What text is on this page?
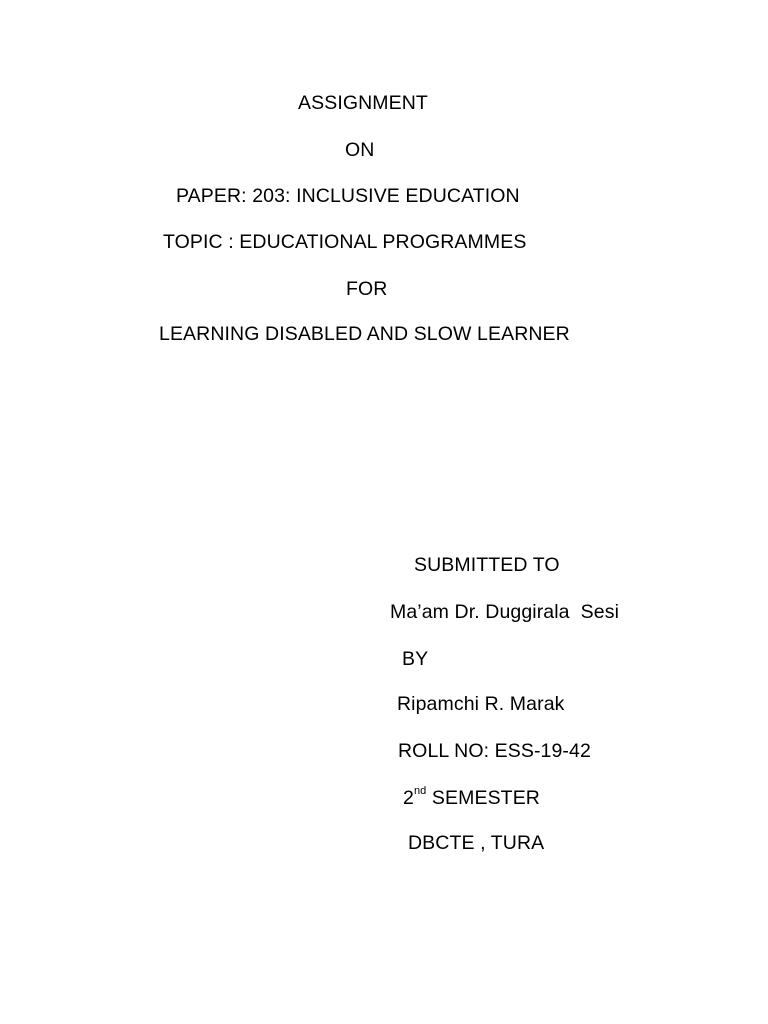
ASSIGNMENT
ON
PAPER: 203: INCLUSIVE EDUCATION
TOPIC : EDUCATIONAL PROGRAMMES
FOR
LEARNING DISABLED AND SLOW LEARNER
SUBMITTED TO
Ma’am Dr. Duggirala  Sesi
BY
Ripamchi R. Marak
ROLL NO: ESS-19-42
2nd SEMESTER
DBCTE , TURA
